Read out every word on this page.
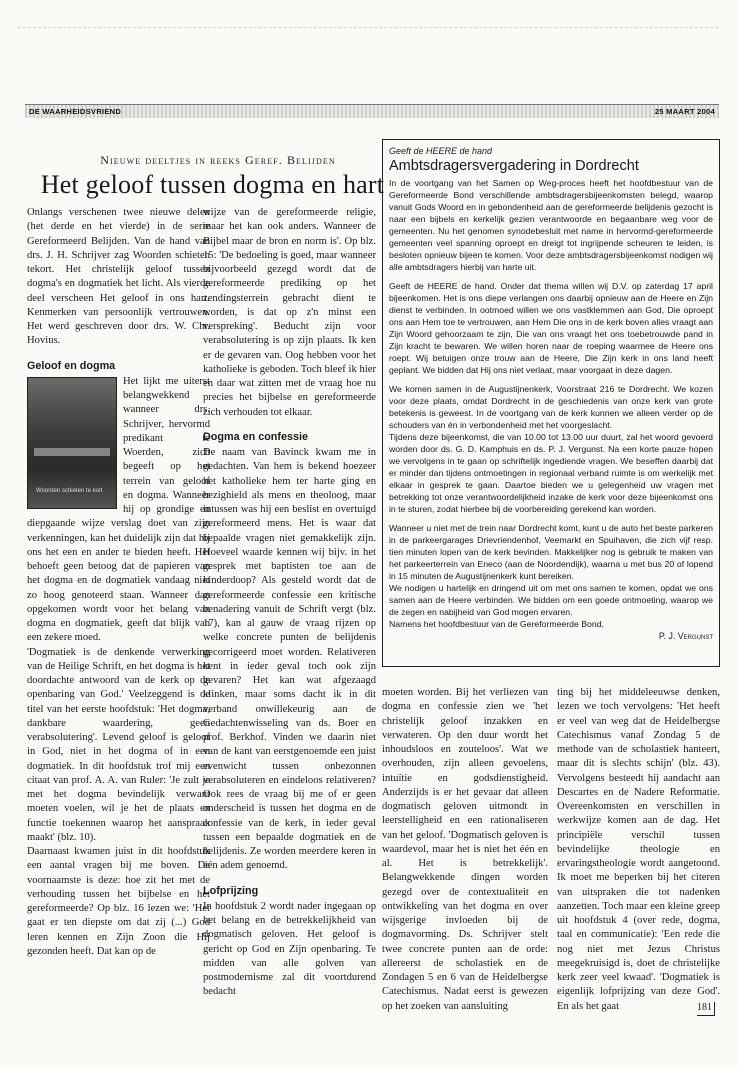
DE WAARHEIDSVRIEND	25 MAART 2004
Nieuwe deeltjes in reeks Geref. Belijden
Het geloof tussen dogma en hart

Onlangs verschenen twee nieuwe delen (het derde en het vierde) in de serie Gereformeerd Belijden. Van de hand van drs. J. H. Schrijver zag Woorden schieten tekort. Het christelijk geloof tussen dogma's en dogmatiek het licht. Als vierde deel verscheen Het geloof in ons hart. Kenmerken van persoonlijk vertrouwen. Het werd geschreven door drs. W. Chr. Hovius.

Geloof en dogma
Woorden schieten te kort

Het lijkt me uiterst belangwekkend wanneer drs. Schrijver, hervormd predikant te Woerden, zich begeeft op het terrein van geloof en dogma. Wanneer hij op grondige en diepgaande wijze verslag doet van zijn verkenningen, kan het duidelijk zijn dat hij ons het een en ander te bieden heeft. Het behoeft geen betoog dat de papieren van het dogma en de dogmatiek vandaag niet zo hoog genoteerd staan. Wanneer dan opgekomen wordt voor het belang van dogma en dogmatiek, geeft dat blijk van een zekere moed.

'Dogmatiek is de denkende verwerking van de Heilige Schrift, en het dogma is het doordachte antwoord van de kerk op de openbaring van God.' Veelzeggend is de titel van het eerste hoofdstuk: 'Het dogma, dankbare waardering, geen verabsolutering'. Levend geloof is geloof in God, niet in het dogma of in een dogmatiek. In dit hoofdstuk trof mij een citaat van prof. A. A. van Ruler: 'Je zult je met het dogma bevindelijk verwant moeten voelen, wil je het de plaats en functie toekennen waarop het aanspraak maakt' (blz. 10).

Daarnaast kwamen juist in dit hoofdstuk een aantal vragen bij me boven. De voornaamste is deze: hoe zit het met de verhouding tussen het bijbelse en het gereformeerde? Op blz. 16 lezen we: 'Het gaat er ten diepste om dat zij (...) God leren kennen en Zijn Zoon die Hij gezonden heeft. Dat kan op de

wijze van de gereformeerde religie, maar het kan ook anders. Wanneer de Bijbel maar de bron en norm is'. Op blz. 15: 'De bedoeling is goed, maar wanneer bijvoorbeeld gezegd wordt dat de gereformeerde prediking op het zendingsterrein gebracht dient te worden, is dat op z'n minst een verspreking'. Beducht zijn voor verabsolutering is op zijn plaats. Ik ken er de gevaren van. Oog hebben voor het katholieke is geboden. Toch bleef ik hier en daar wat zitten met de vraag hoe nu precies het bijbelse en gereformeerde zich verhouden tot elkaar.

Dogma en confessie

De naam van Bavinck kwam me in gedachten. Van hem is bekend hoezeer het katholieke hem ter harte ging en bezighield als mens en theoloog, maar intussen was hij een beslist en overtuigd gereformeerd mens. Het is waar dat bepaalde vragen niet gemakkelijk zijn. Hoeveel waarde kennen wij bijv. in het gesprek met baptisten toe aan de kinderdoop? Als gesteld wordt dat de gereformeerde confessie een kritische benadering vanuit de Schrift vergt (blz. 17), kan al gauw de vraag rijzen op welke concrete punten de belijdenis gecorrigeerd moet worden. Relativeren kent in ieder geval toch ook zijn gevaren? Het kan wat afgezaagd klinken, maar soms dacht ik in dit verband onwillekeurig aan de Gedachtenwisseling van ds. Boer en prof. Berkhof. Vinden we daarin niet van de kant van eerstgenoemde een juist evenwicht tussen onbezonnen verabsoluteren en eindeloos relativeren? Ook rees de vraag bij me of er geen onderscheid is tussen het dogma en de confessie van de kerk, in ieder geval tussen een bepaalde dogmatiek en de belijdenis. Ze worden meerdere keren in één adem genoemd.

Lofprijzing

In hoofdstuk 2 wordt nader ingegaan op het belang en de betrekkelijkheid van dogmatisch geloven. Het geloof is gericht op God en Zijn openbaring. Te midden van alle golven van postmodernisme zal dit voortdurend bedacht

Geeft de HEERE de hand
Ambtsdragersvergadering in Dordrecht

In de voortgang van het Samen op Weg-proces heeft het hoofdbestuur van de Gereformeerde Bond verschillende ambtsdragersbijeenkomsten belegd, waarop vanuit Gods Woord en in gebondenheid aan de gereformeerde belijdenis gezocht is naar een bijbels en kerkelijk gezien verantwoorde en begaanbare weg voor de gemeenten. Nu het genomen synodebesluit met name in hervormd-gereformeerde gemeenten veel spanning oproept en dreigt tot ingrijpende scheuren te leiden, is besloten opnieuw bijeen te komen. Voor deze ambtsdragersbijeenkomst nodigen wij alle ambtsdragers hierbij van harte uit.

Geeft de HEERE de hand. Onder dat thema willen wij D.V. op zaterdag 17 april bijeenkomen. Het is ons diepe verlangen ons daarbij opnieuw aan de Heere en Zijn dienst te verbinden. In ootmoed willen we ons vastklemmen aan God, Die oproept ons aan Hem toe te vertrouwen, aan Hem Die ons in de kerk boven alles vraagt aan Zijn Woord gehoorzaam te zijn, Die van ons vraagt het ons toebetrouwde pand in Zijn kracht te bewaren. We willen horen naar de roeping waarmee de Heere ons roept. Wij betuigen onze trouw aan de Heere, Die Zijn kerk in ons land heeft geplant. We bidden dat Hij ons niet verlaat, maar voorgaat in deze dagen.

We komen samen in de Augustijnenkerk, Voorstraat 216 te Dordrecht. We kozen voor deze plaats, omdat Dordrecht in de geschiedenis van onze kerk van grote betekenis is geweest. In de voortgang van de kerk kunnen we alleen verder op de schouders van én in verbondenheid met het voorgeslacht.

Tijdens deze bijeenkomst, die van 10.00 tot 13.00 uur duurt, zal het woord gevoerd worden door ds. G. D. Kamphuis en ds. P. J. Vergunst. Na een korte pauze hopen we vervolgens in te gaan op schriftelijk ingediende vragen. We beseffen daarbij dat er minder dan tijdens ontmoetingen in regionaal verband ruimte is om werkelijk met elkaar in gesprek te gaan. Daartoe bieden we u gelegenheid uw vragen met betrekking tot onze verantwoordelijkheid inzake de kerk voor deze bijeenkomst ons in te sturen, zodat hierbee bij de voorbereiding gerekend kan worden.

Wanneer u niet met de trein naar Dordrecht komt, kunt u de auto het beste parkeren in de parkeergarages Drievriendenhof, Veemarkt en Spuihaven, die zich vijf resp. tien minuten lopen van de kerk bevinden. Makkelijker nog is gebruik te maken van het parkeerterrein van Eneco (aan de Noordendijk), waarna u met bus 20 of lopend in 15 minuten de Augustijnenkerk kunt bereiken.

We nodigen u hartelijk en dringend uit om met ons samen te komen, opdat we ons samen aan de Heere verbinden. We bidden om een goede ontmoeting, waarop we de zegen en nabijheid van God mogen ervaren.

Namens het hoofdbestuur van de Gereformeerde Bond,

P. J. Vergunst

moeten worden. Bij het verliezen van dogma en confessie zien we 'het christelijk geloof inzakken en verwateren. Op den duur wordt het inhoudsloos en zouteloos'. Wat we overhouden, zijn alleen gevoelens, intuïtie en godsdienstigheid. Anderzijds is er het gevaar dat alleen dogmatisch geloven uitmondt in leerstelligheid en een rationaliseren van het geloof. 'Dogmatisch geloven is waardevol, maar het is niet het één en al. Het is betrekkelijk'. Belangwekkende dingen worden gezegd over de contextualiteit en ontwikkeling van het dogma en over wijsgerige invloeden bij de dogmavorming. Ds. Schrijver stelt twee concrete punten aan de orde: allereerst de scholastiek en de Zondagen 5 en 6 van de Heidelbergse Catechismus. Nadat eerst is gewezen op het zoeken van aansluiting

ting bij het middeleeuwse denken, lezen we toch vervolgens: 'Het heeft er veel van weg dat de Heidelbergse Catechismus vanaf Zondag 5 de methode van de scholastiek hanteert, maar dit is slechts schijn' (blz. 43). Vervolgens besteedt hij aandacht aan Descartes en de Nadere Reformatie. Overeenkomsten en verschillen in werkwijze komen aan de dag. Het principiële verschil tussen bevindelijke theologie en ervaringstheologie wordt aangetoond. Ik moet me beperken bij het citeren van uitspraken die tot nadenken aanzetten. Toch maar een kleine greep uit hoofdstuk 4 (over rede, dogma, taal en communicatie): 'Een rede die nog niet met Jezus Christus meegekruisigd is, doet de christelijke kerk zeer veel kwaad'. 'Dogmatiek is eigenlijk lofprijzing van deze God'. En als het gaat	181
